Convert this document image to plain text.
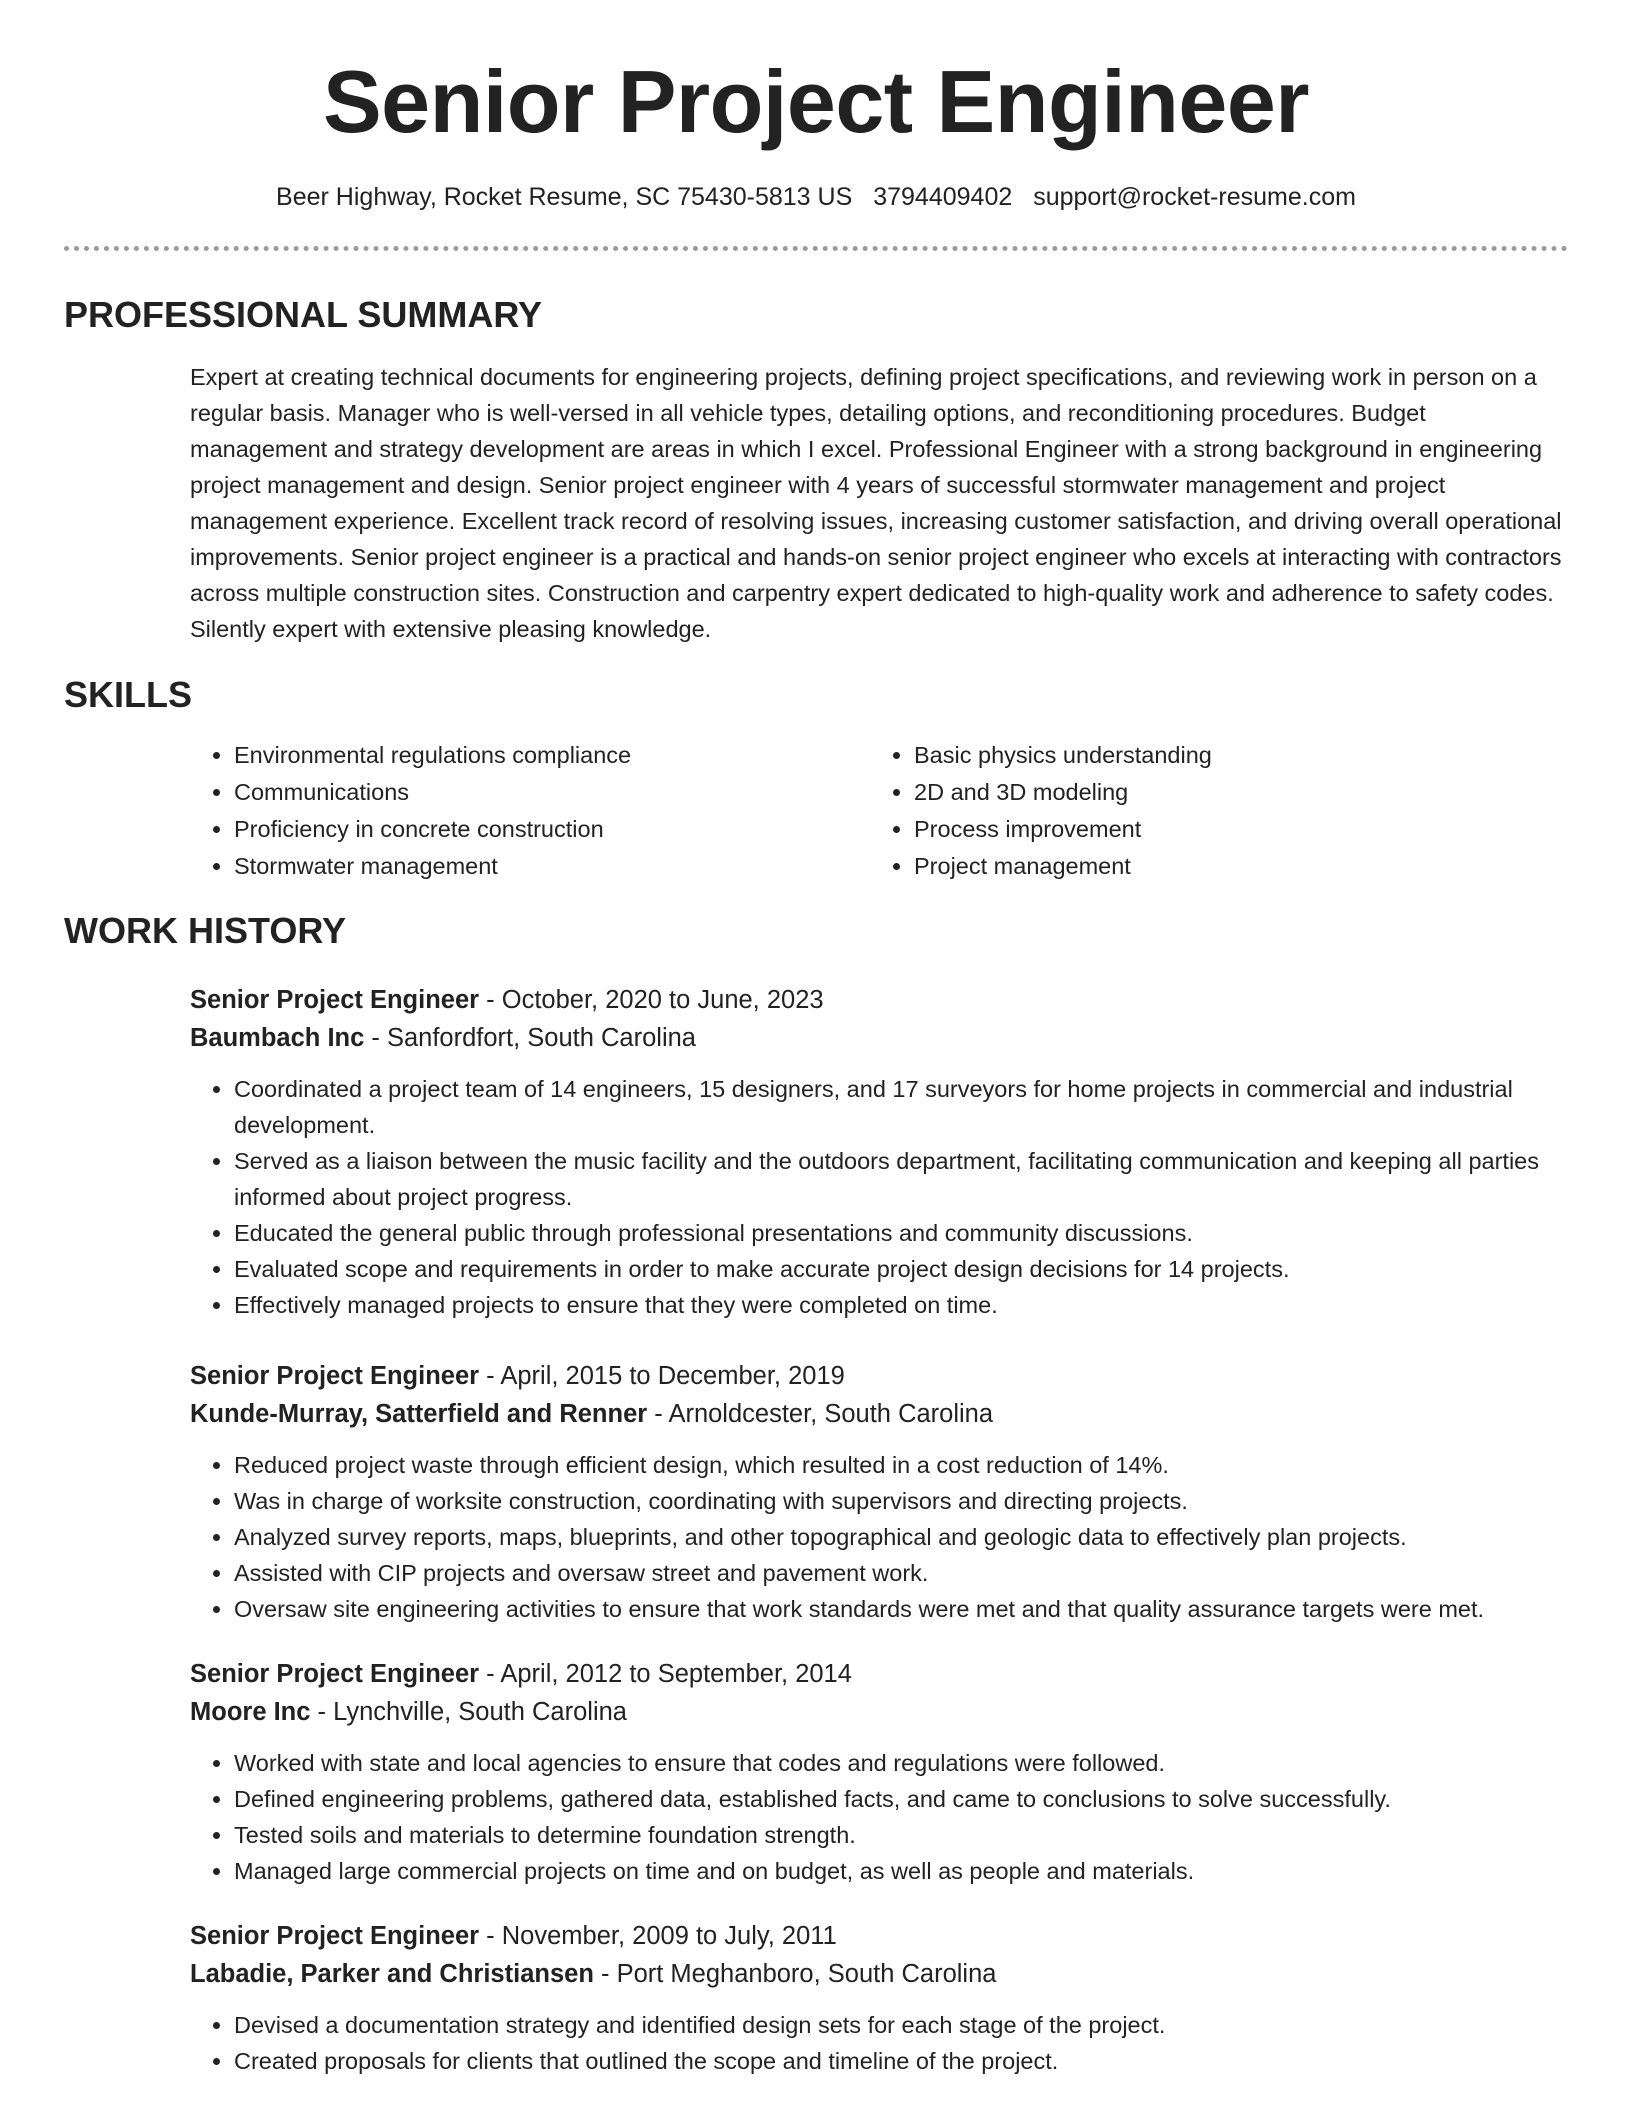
Senior Project Engineer
Beer Highway, Rocket Resume, SC 75430-5813 US 3794409402 support@rocket-resume.com
PROFESSIONAL SUMMARY
Expert at creating technical documents for engineering projects, defining project specifications, and reviewing work in person on a regular basis. Manager who is well-versed in all vehicle types, detailing options, and reconditioning procedures. Budget management and strategy development are areas in which I excel. Professional Engineer with a strong background in engineering project management and design. Senior project engineer with 4 years of successful stormwater management and project management experience. Excellent track record of resolving issues, increasing customer satisfaction, and driving overall operational improvements. Senior project engineer is a practical and hands-on senior project engineer who excels at interacting with contractors across multiple construction sites. Construction and carpentry expert dedicated to high-quality work and adherence to safety codes. Silently expert with extensive pleasing knowledge.
SKILLS
• Environmental regulations compliance
• Communications
• Proficiency in concrete construction
• Stormwater management
• Basic physics understanding
• 2D and 3D modeling
• Process improvement
• Project management
WORK HISTORY
Senior Project Engineer - October, 2020 to June, 2023
Baumbach Inc - Sanfordfort, South Carolina
• Coordinated a project team of 14 engineers, 15 designers, and 17 surveyors for home projects in commercial and industrial development.
• Served as a liaison between the music facility and the outdoors department, facilitating communication and keeping all parties informed about project progress.
• Educated the general public through professional presentations and community discussions.
• Evaluated scope and requirements in order to make accurate project design decisions for 14 projects.
• Effectively managed projects to ensure that they were completed on time.
Senior Project Engineer - April, 2015 to December, 2019
Kunde-Murray, Satterfield and Renner - Arnoldcester, South Carolina
• Reduced project waste through efficient design, which resulted in a cost reduction of 14%.
• Was in charge of worksite construction, coordinating with supervisors and directing projects.
• Analyzed survey reports, maps, blueprints, and other topographical and geologic data to effectively plan projects.
• Assisted with CIP projects and oversaw street and pavement work.
• Oversaw site engineering activities to ensure that work standards were met and that quality assurance targets were met.
Senior Project Engineer - April, 2012 to September, 2014
Moore Inc - Lynchville, South Carolina
• Worked with state and local agencies to ensure that codes and regulations were followed.
• Defined engineering problems, gathered data, established facts, and came to conclusions to solve successfully.
• Tested soils and materials to determine foundation strength.
• Managed large commercial projects on time and on budget, as well as people and materials.
Senior Project Engineer - November, 2009 to July, 2011
Labadie, Parker and Christiansen - Port Meghanboro, South Carolina
• Devised a documentation strategy and identified design sets for each stage of the project.
• Created proposals for clients that outlined the scope and timeline of the project.
